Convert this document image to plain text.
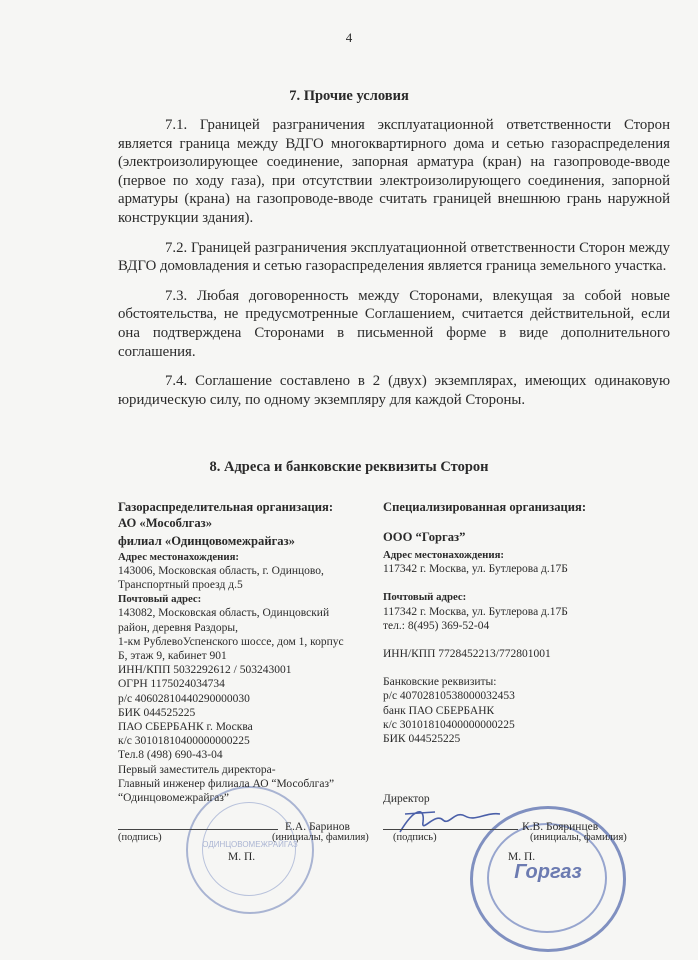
4
7. Прочие условия

7.1. Границей разграничения эксплуатационной ответственности Сторон является граница между ВДГО многоквартирного дома и сетью газораспределения (электроизолирующее соединение, запорная арматура (кран) на газопроводе-вводе (первое по ходу газа), при отсутствии электроизолирующего соединения, запорной арматуры (крана) на газопроводе-вводе считать границей внешнюю грань наружной конструкции здания).

7.2. Границей разграничения эксплуатационной ответственности Сторон между ВДГО домовладения и сетью газораспределения является граница земельного участка.

7.3. Любая договоренность между Сторонами, влекущая за собой новые обстоятельства, не предусмотренные Соглашением, считается действительной, если она подтверждена Сторонами в письменной форме в виде дополнительного соглашения.

7.4. Соглашение составлено в 2 (двух) экземплярах, имеющих одинаковую юридическую силу, по одному экземпляру для каждой Стороны.

8. Адреса и банковские реквизиты Сторон
ОДИНЦОВОМЕЖРАЙГАЗ
Горгаз
Газораспределительная организация:
АО «Мособлгаз»
филиал «Одинцовомежрайгаз»
Адрес местонахождения:
143006, Московская область, г. Одинцово,
Транспортный проезд д.5
Почтовый адрес:
143082, Московская область, Одинцовский
район, деревня Раздоры,
1-км РублевоУспенского шоссе, дом 1, корпус
Б, этаж 9, кабинет 901
ИНН/КПП 5032292612 / 503243001
ОГРН 1175024034734
р/с 40602810440290000030
БИК 044525225
ПАО СБЕРБАНК г. Москва
к/с 30101810400000000225
Тел.8 (498) 690-43-04
Первый заместитель директора-
Главный инженер филиала АО “Мособлгаз”
“Одинцовомежрайгаз”
Е.А. Баринов
(подпись)	(инициалы, фамилия)
М. П.
Специализированная организация:
ООО “Горгаз”
Адрес местонахождения:
117342 г. Москва, ул. Бутлерова д.17Б
Почтовый адрес:
117342 г. Москва, ул. Бутлерова д.17Б
тел.: 8(495) 369-52-04
ИНН/КПП 7728452213/772801001
Банковские реквизиты:
р/с 40702810538000032453
банк ПАО СБЕРБАНК
к/с 30101810400000000225
БИК 044525225
Директор
К.В. Бояринцев
(подпись)	(инициалы, фамилия)
М. П.
